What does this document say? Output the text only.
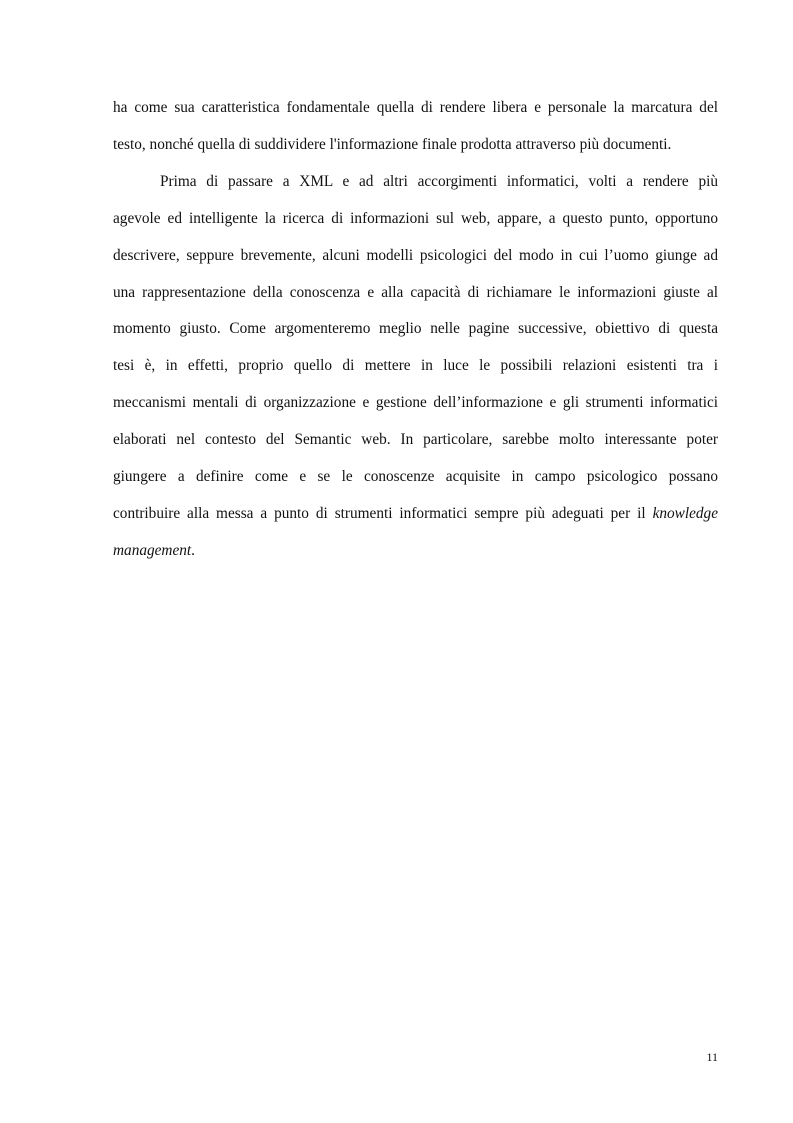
ha come sua caratteristica fondamentale quella di rendere libera e personale la marcatura del
testo, nonché quella di suddividere l'informazione finale prodotta attraverso più documenti.

Prima di passare a XML e ad altri accorgimenti informatici, volti a rendere più
agevole ed intelligente la ricerca di informazioni sul web, appare, a questo punto, opportuno
descrivere, seppure brevemente, alcuni modelli psicologici del modo in cui l’uomo giunge ad
una rappresentazione della conoscenza e alla capacità di richiamare le informazioni giuste al
momento giusto. Come argomenteremo meglio nelle pagine successive, obiettivo di questa
tesi è, in effetti, proprio quello di mettere in luce le possibili relazioni esistenti tra i
meccanismi mentali di organizzazione e gestione dell’informazione e gli strumenti informatici
elaborati nel contesto del Semantic web. In particolare, sarebbe molto interessante poter
giungere a definire come e se le conoscenze acquisite in campo psicologico possano
contribuire alla messa a punto di strumenti informatici sempre più adeguati per il knowledge
management.

11
